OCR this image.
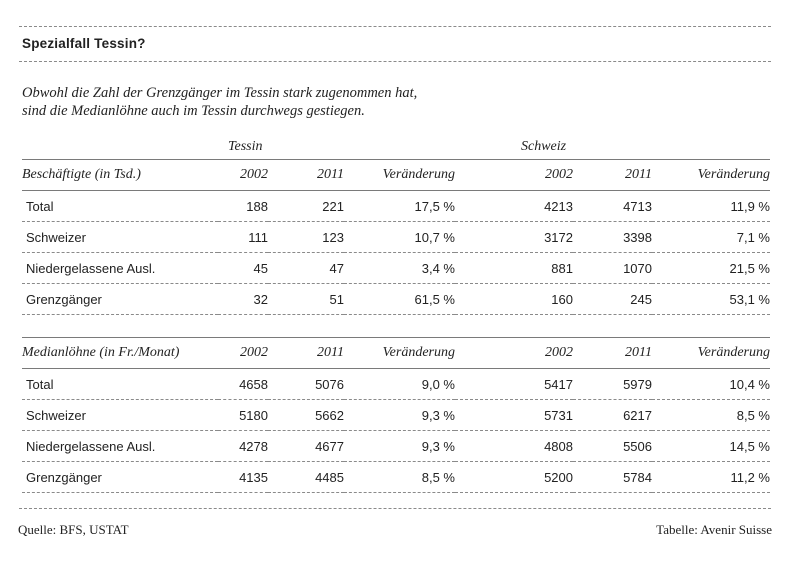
Spezialfall Tessin?
Obwohl die Zahl der Grenzgänger im Tessin stark zugenommen hat,
sind die Medianlöhne auch im Tessin durchwegs gestiegen.
Tessin	Schweiz
Beschäftigte (in Tsd.)	2002	2011	Veränderung	2002	2011	Veränderung
Total	188	221	17,5 %	4213	4713	11,9 %
Schweizer	111	123	10,7 %	3172	3398	7,1 %
Niedergelassene Ausl.	45	47	3,4 %	881	1070	21,5 %
Grenzgänger	32	51	61,5 %	160	245	53,1 %
Medianlöhne (in Fr./Monat)	2002	2011	Veränderung	2002	2011	Veränderung
Total	4658	5076	9,0 %	5417	5979	10,4 %
Schweizer	5180	5662	9,3 %	5731	6217	8,5 %
Niedergelassene Ausl.	4278	4677	9,3 %	4808	5506	14,5 %
Grenzgänger	4135	4485	8,5 %	5200	5784	11,2 %
Quelle: BFS, USTAT	Tabelle: Avenir Suisse
